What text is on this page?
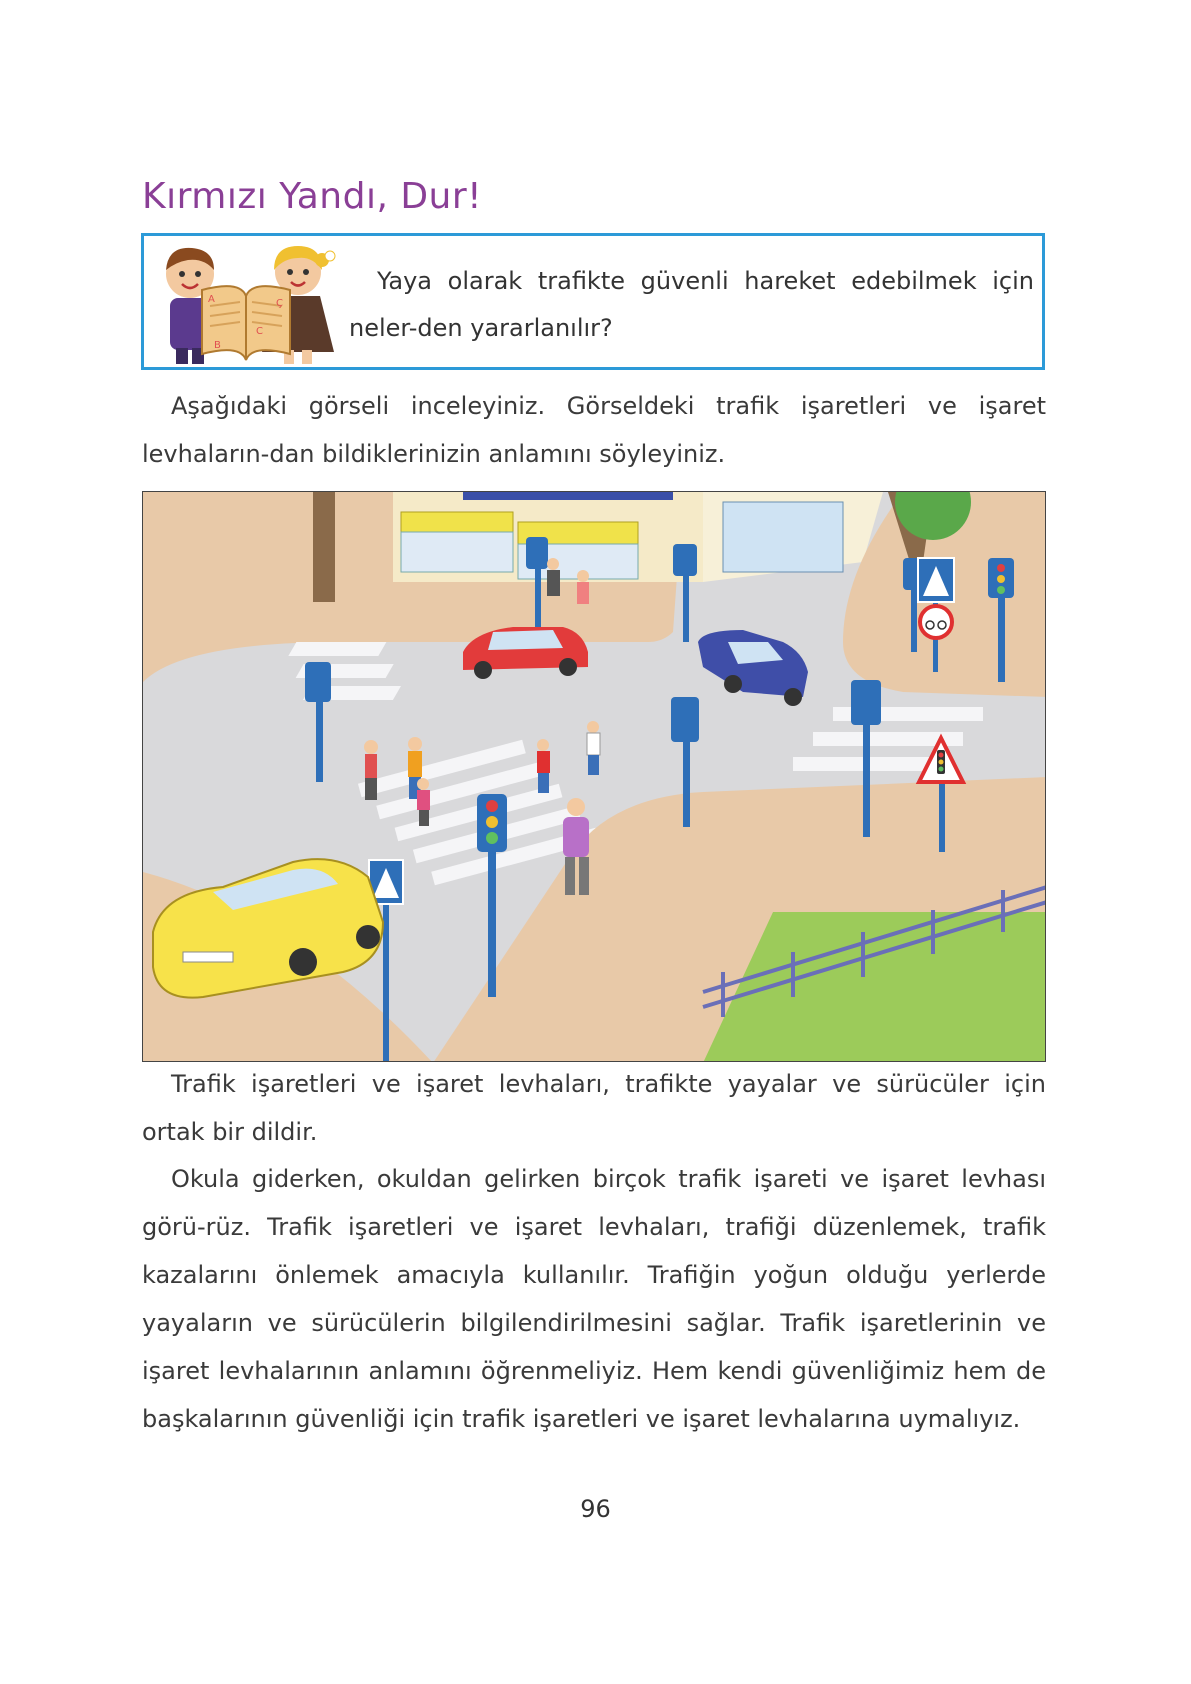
Kırmızı Yandı, Dur!
A
B
C
Ç

Yaya olarak trafikte güvenli hareket edebilmek için neler-den yararlanılır?

Aşağıdaki görseli inceleyiniz. Görseldeki trafik işaretleri ve işaret levhaların-dan bildiklerinizin anlamını söyleyiniz.

Trafik işaretleri ve işaret levhaları, trafikte yayalar ve sürücüler için ortak bir dildir.

Okula giderken, okuldan gelirken birçok trafik işareti ve işaret levhası görü-rüz. Trafik işaretleri ve işaret levhaları, trafiği düzenlemek, trafik kazalarını önlemek amacıyla kullanılır. Trafiğin yoğun olduğu yerlerde yayaların ve sürücülerin bilgilendirilmesini sağlar. Trafik işaretlerinin ve işaret levhalarının anlamını öğrenmeliyiz. Hem kendi güvenliğimiz hem de başkalarının güvenliği için trafik işaretleri ve işaret levhalarına uymalıyız.

96
